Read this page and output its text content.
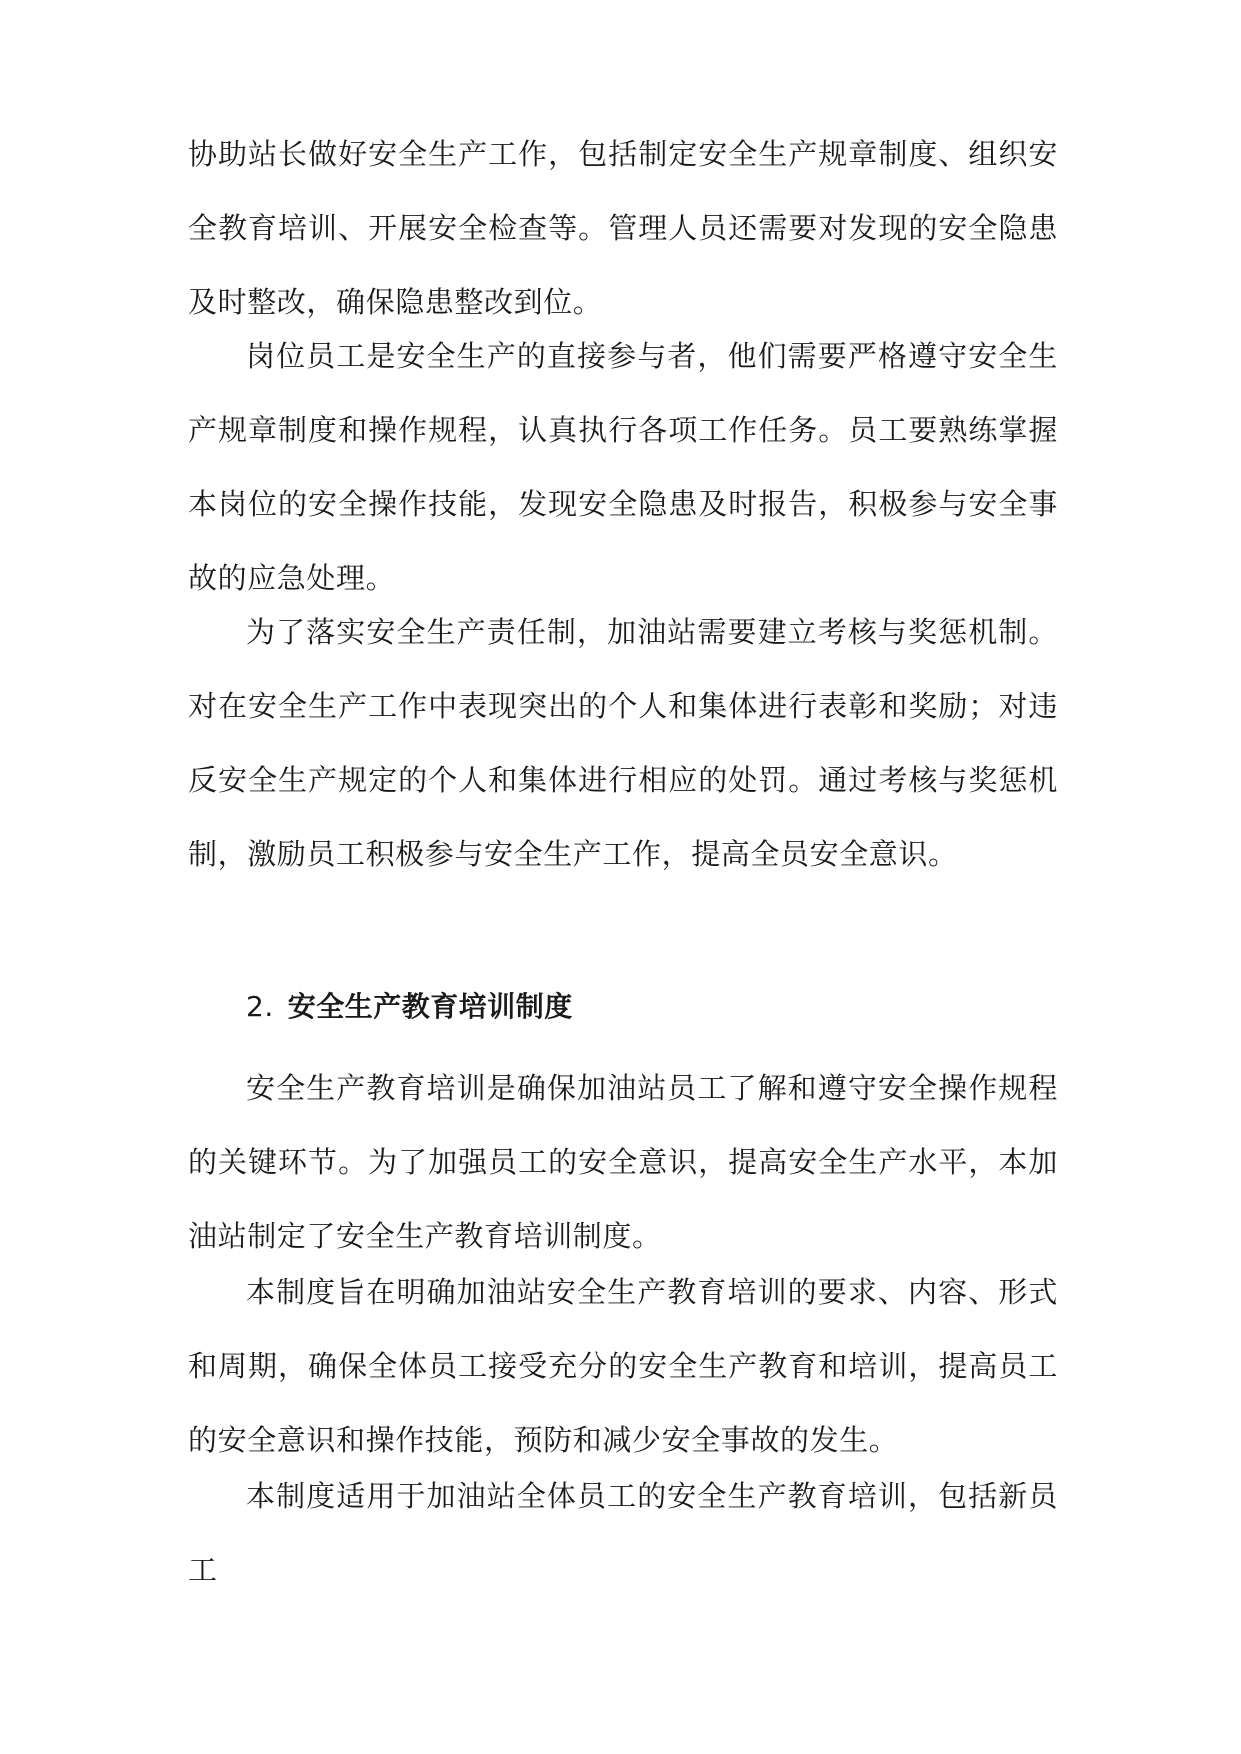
协助站长做好安全生产工作，包括制定安全生产规章制度、组织安全教育培训、开展安全检查等。管理人员还需要对发现的安全隐患及时整改，确保隐患整改到位。

岗位员工是安全生产的直接参与者，他们需要严格遵守安全生产规章制度和操作规程，认真执行各项工作任务。员工要熟练掌握本岗位的安全操作技能，发现安全隐患及时报告，积极参与安全事故的应急处理。

为了落实安全生产责任制，加油站需要建立考核与奖惩机制。对在安全生产工作中表现突出的个人和集体进行表彰和奖励；对违反安全生产规定的个人和集体进行相应的处罚。通过考核与奖惩机制，激励员工积极参与安全生产工作，提高全员安全意识。

2. 安全生产教育培训制度

安全生产教育培训是确保加油站员工了解和遵守安全操作规程的关键环节。为了加强员工的安全意识，提高安全生产水平，本加油站制定了安全生产教育培训制度。

本制度旨在明确加油站安全生产教育培训的要求、内容、形式和周期，确保全体员工接受充分的安全生产教育和培训，提高员工的安全意识和操作技能，预防和减少安全事故的发生。

本制度适用于加油站全体员工的安全生产教育培训，包括新员工
